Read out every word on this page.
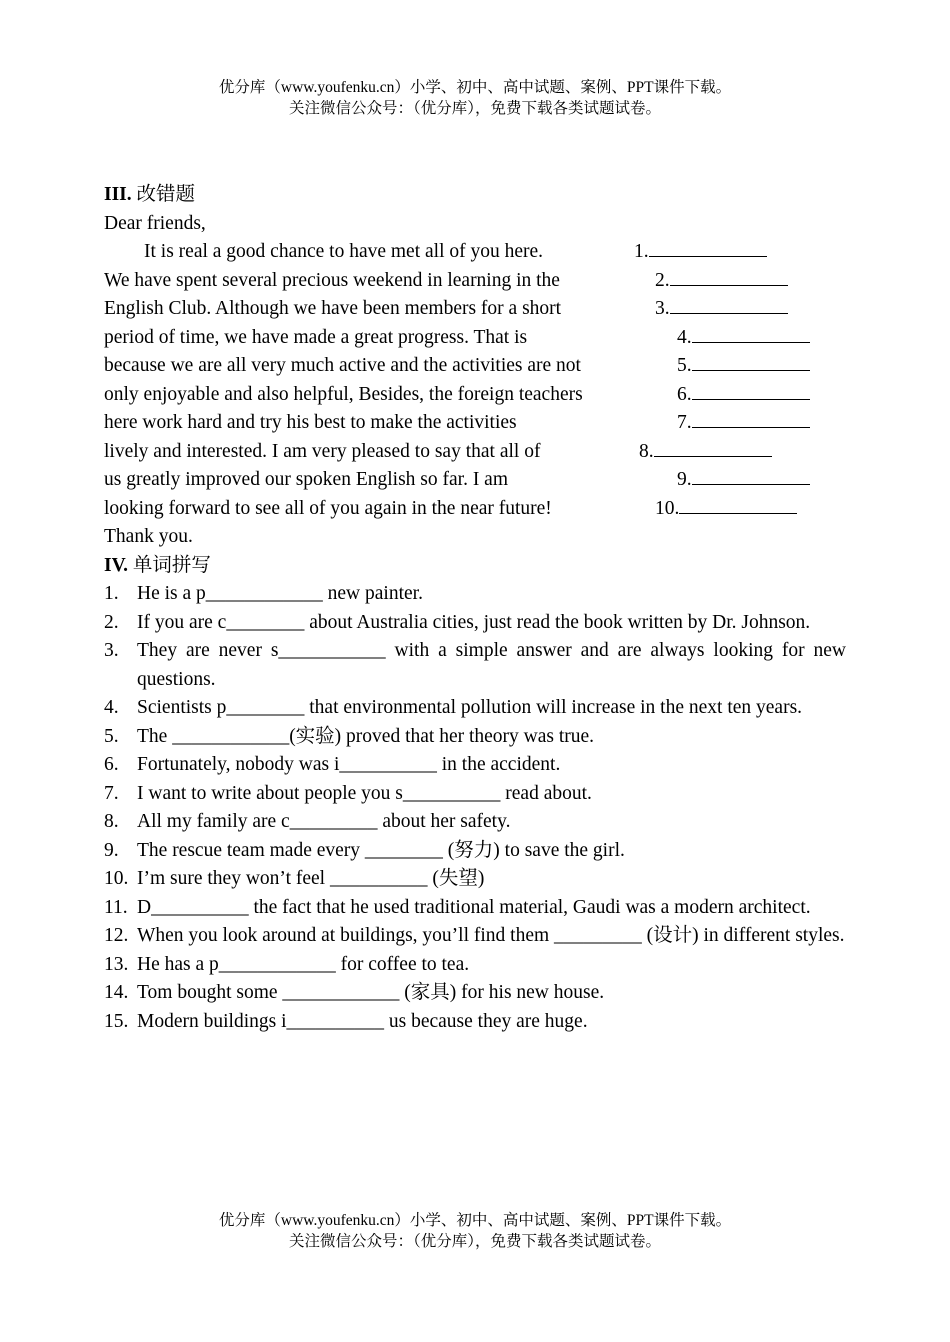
优分库（www.youfenku.cn）小学、初中、高中试题、案例、PPT课件下载。
关注微信公众号：（优分库），免费下载各类试题试卷。
III. 改错题
Dear friends,
It is real a good chance to have met all of you here.	1.
We have spent several precious weekend in learning in the	2.
English Club. Although we have been members for a short	3.
period of time, we have made a great progress. That is	4.
because we are all very much active and the activities are not	5.
only enjoyable and also helpful, Besides, the foreign teachers	6.
here work hard and try his best to make the activities	7.
lively and interested. I am very pleased to say that all of	8.
us greatly improved our spoken English so far. I am	9.
looking forward to see all of you again in the near future!	10.
Thank you.
IV. 单词拼写
1. He is a p____________ new painter.
2. If you are c________ about Australia cities, just read the book written by Dr. Johnson.
3. They are never s___________ with a simple answer and are always looking for new questions.
4. Scientists p________ that environmental pollution will increase in the next ten years.
5. The ____________(实验) proved that her theory was true.
6. Fortunately, nobody was i__________ in the accident.
7. I want to write about people you s__________ read about.
8. All my family are c_________ about her safety.
9. The rescue team made every ________ (努力) to save the girl.
10. I’m sure they won’t feel __________ (失望)
11. D__________ the fact that he used traditional material, Gaudi was a modern architect.
12. When you look around at buildings, you’ll find them _________ (设计) in different styles.
13. He has a p____________ for coffee to tea.
14. Tom bought some ____________ (家具) for his new house.
15. Modern buildings i__________ us because they are huge.
优分库（www.youfenku.cn）小学、初中、高中试题、案例、PPT课件下载。
关注微信公众号：（优分库），免费下载各类试题试卷。
